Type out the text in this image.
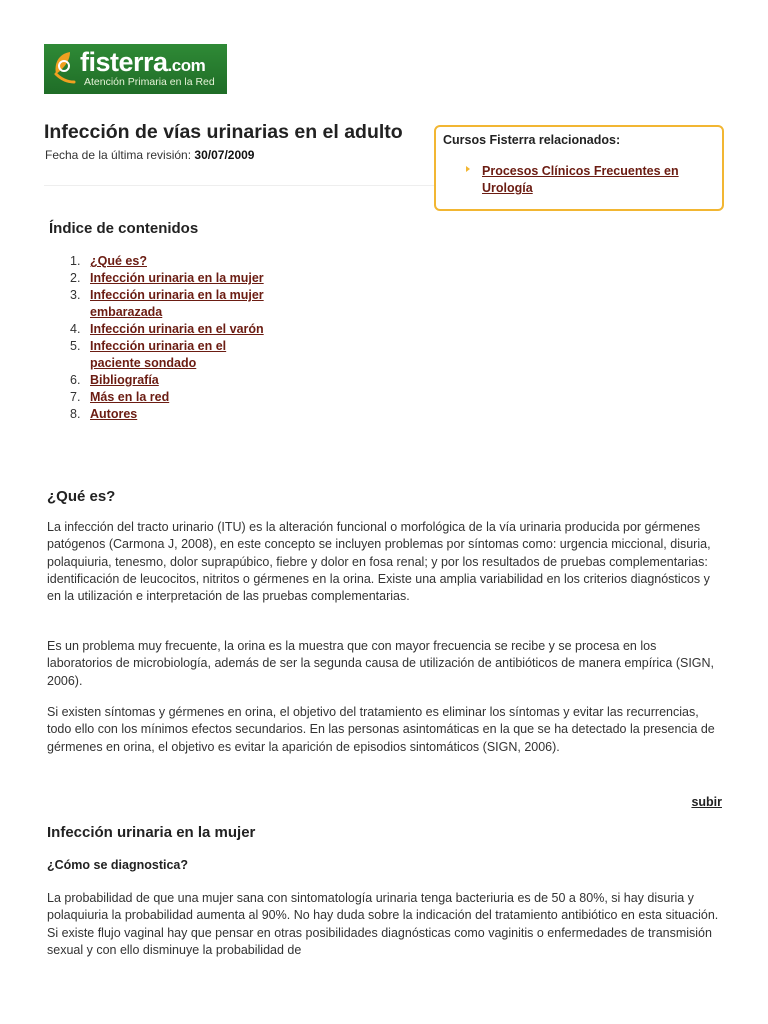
fisterra.com
Atención Primaria en la Red
Infección de vías urinarias en el adulto
Fecha de la última revisión: 30/07/2009
Cursos Fisterra relacionados:
Procesos Clínicos Frecuentes en Urología
Índice de contenidos
1. ¿Qué es?
2. Infección urinaria en la mujer
3. Infección urinaria en la mujer embarazada
4. Infección urinaria en el varón
5. Infección urinaria en el paciente sondado
6. Bibliografía
7. Más en la red
8. Autores
¿Qué es?

La infección del tracto urinario (ITU) es la alteración funcional o morfológica de la vía urinaria producida por gérmenes patógenos (Carmona J, 2008), en este concepto se incluyen problemas por síntomas como: urgencia miccional, disuria, polaquiuria, tenesmo, dolor suprapúbico, fiebre y dolor en fosa renal; y por los resultados de pruebas complementarias: identificación de leucocitos, nitritos o gérmenes en la orina. Existe una amplia variabilidad en los criterios diagnósticos y en la utilización e interpretación de las pruebas complementarias.

Es un problema muy frecuente, la orina es la muestra que con mayor frecuencia se recibe y se procesa en los laboratorios de microbiología, además de ser la segunda causa de utilización de antibióticos de manera empírica (SIGN, 2006).

Si existen síntomas y gérmenes en orina, el objetivo del tratamiento es eliminar los síntomas y evitar las recurrencias, todo ello con los mínimos efectos secundarios. En las personas asintomáticas en la que se ha detectado la presencia de gérmenes en orina, el objetivo es evitar la aparición de episodios sintomáticos (SIGN, 2006).

subir
Infección urinaria en la mujer
¿Cómo se diagnostica?

La probabilidad de que una mujer sana con sintomatología urinaria tenga bacteriuria es de 50 a 80%, si hay disuria y polaquiuria la probabilidad aumenta al 90%. No hay duda sobre la indicación del tratamiento antibiótico en esta situación. Si existe flujo vaginal hay que pensar en otras posibilidades diagnósticas como vaginitis o enfermedades de transmisión sexual y con ello disminuye la probabilidad de
